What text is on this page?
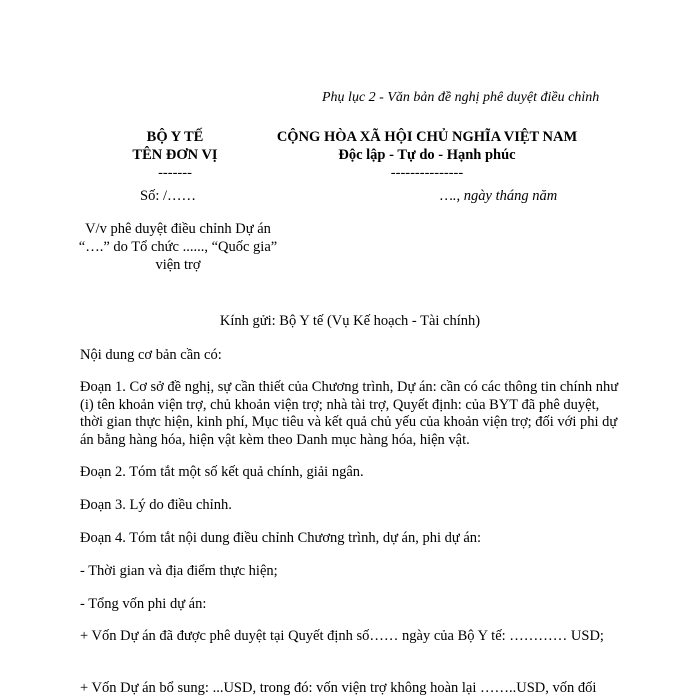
Phụ lục 2 - Văn bản đề nghị phê duyệt điều chỉnh
BỘ Y TẾ
TÊN ĐƠN VỊ
-------
CỘNG HÒA XÃ HỘI CHỦ NGHĨA VIỆT NAM
Độc lập - Tự do - Hạnh phúc
---------------
Số: /……	…., ngày tháng năm
V/v phê duyệt điều chỉnh Dự án “….” do Tổ chức ......, “Quốc gia” viện trợ
Kính gửi: Bộ Y tế (Vụ Kế hoạch - Tài chính)
Nội dung cơ bản cần có:
Đoạn 1. Cơ sở đề nghị, sự cần thiết của Chương trình, Dự án: cần có các thông tin chính như (i) tên khoản viện trợ, chủ khoản viện trợ; nhà tài trợ, Quyết định: của BYT đã phê duyệt, thời gian thực hiện, kinh phí, Mục tiêu và kết quả chủ yếu của khoản viện trợ; đối với phi dự án bằng hàng hóa, hiện vật kèm theo Danh mục hàng hóa, hiện vật.
Đoạn 2. Tóm tắt một số kết quả chính, giải ngân.
Đoạn 3. Lý do điều chỉnh.
Đoạn 4. Tóm tắt nội dung điều chỉnh Chương trình, dự án, phi dự án:
- Thời gian và địa điểm thực hiện;
- Tổng vốn phi dự án:
+ Vốn Dự án đã được phê duyệt tại Quyết định số…… ngày của Bộ Y tế: ………… USD;
+ Vốn Dự án bổ sung: ...USD, trong đó: vốn viện trợ không hoàn lại ……..USD, vốn đối
